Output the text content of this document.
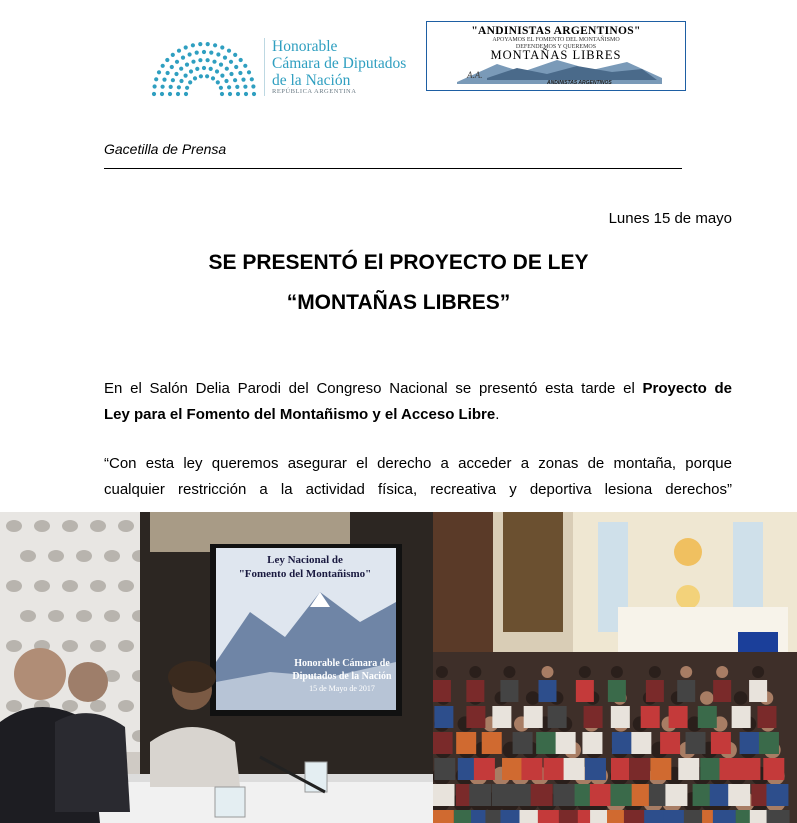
Honorable
Cámara de Diputados
de la Nación
REPÚBLICA ARGENTINA
"ANDINISTAS ARGENTINOS"
APOYAMOS EL FOMENTO DEL MONTAÑISMO
DEFENDEMOS Y QUEREMOS
MONTAÑAS LIBRES
A.A.
ANDINISTAS ARGENTINOS
Gacetilla de Prensa
Lunes 15 de mayo
SE PRESENTÓ El PROYECTO DE LEY
“MONTAÑAS LIBRES”
En el Salón Delia Parodi del Congreso Nacional se presentó esta tarde el Proyecto de
Ley para el Fomento del Montañismo y el Acceso Libre.
“Con esta ley queremos asegurar el derecho a acceder a zonas de montaña, porque
cualquier restricción a la actividad física, recreativa y deportiva lesiona derechos”
Ley Nacional de
"Fomento del Montañismo"
Honorable Cámara de
Diputados de la Nación
15 de Mayo de 2017
